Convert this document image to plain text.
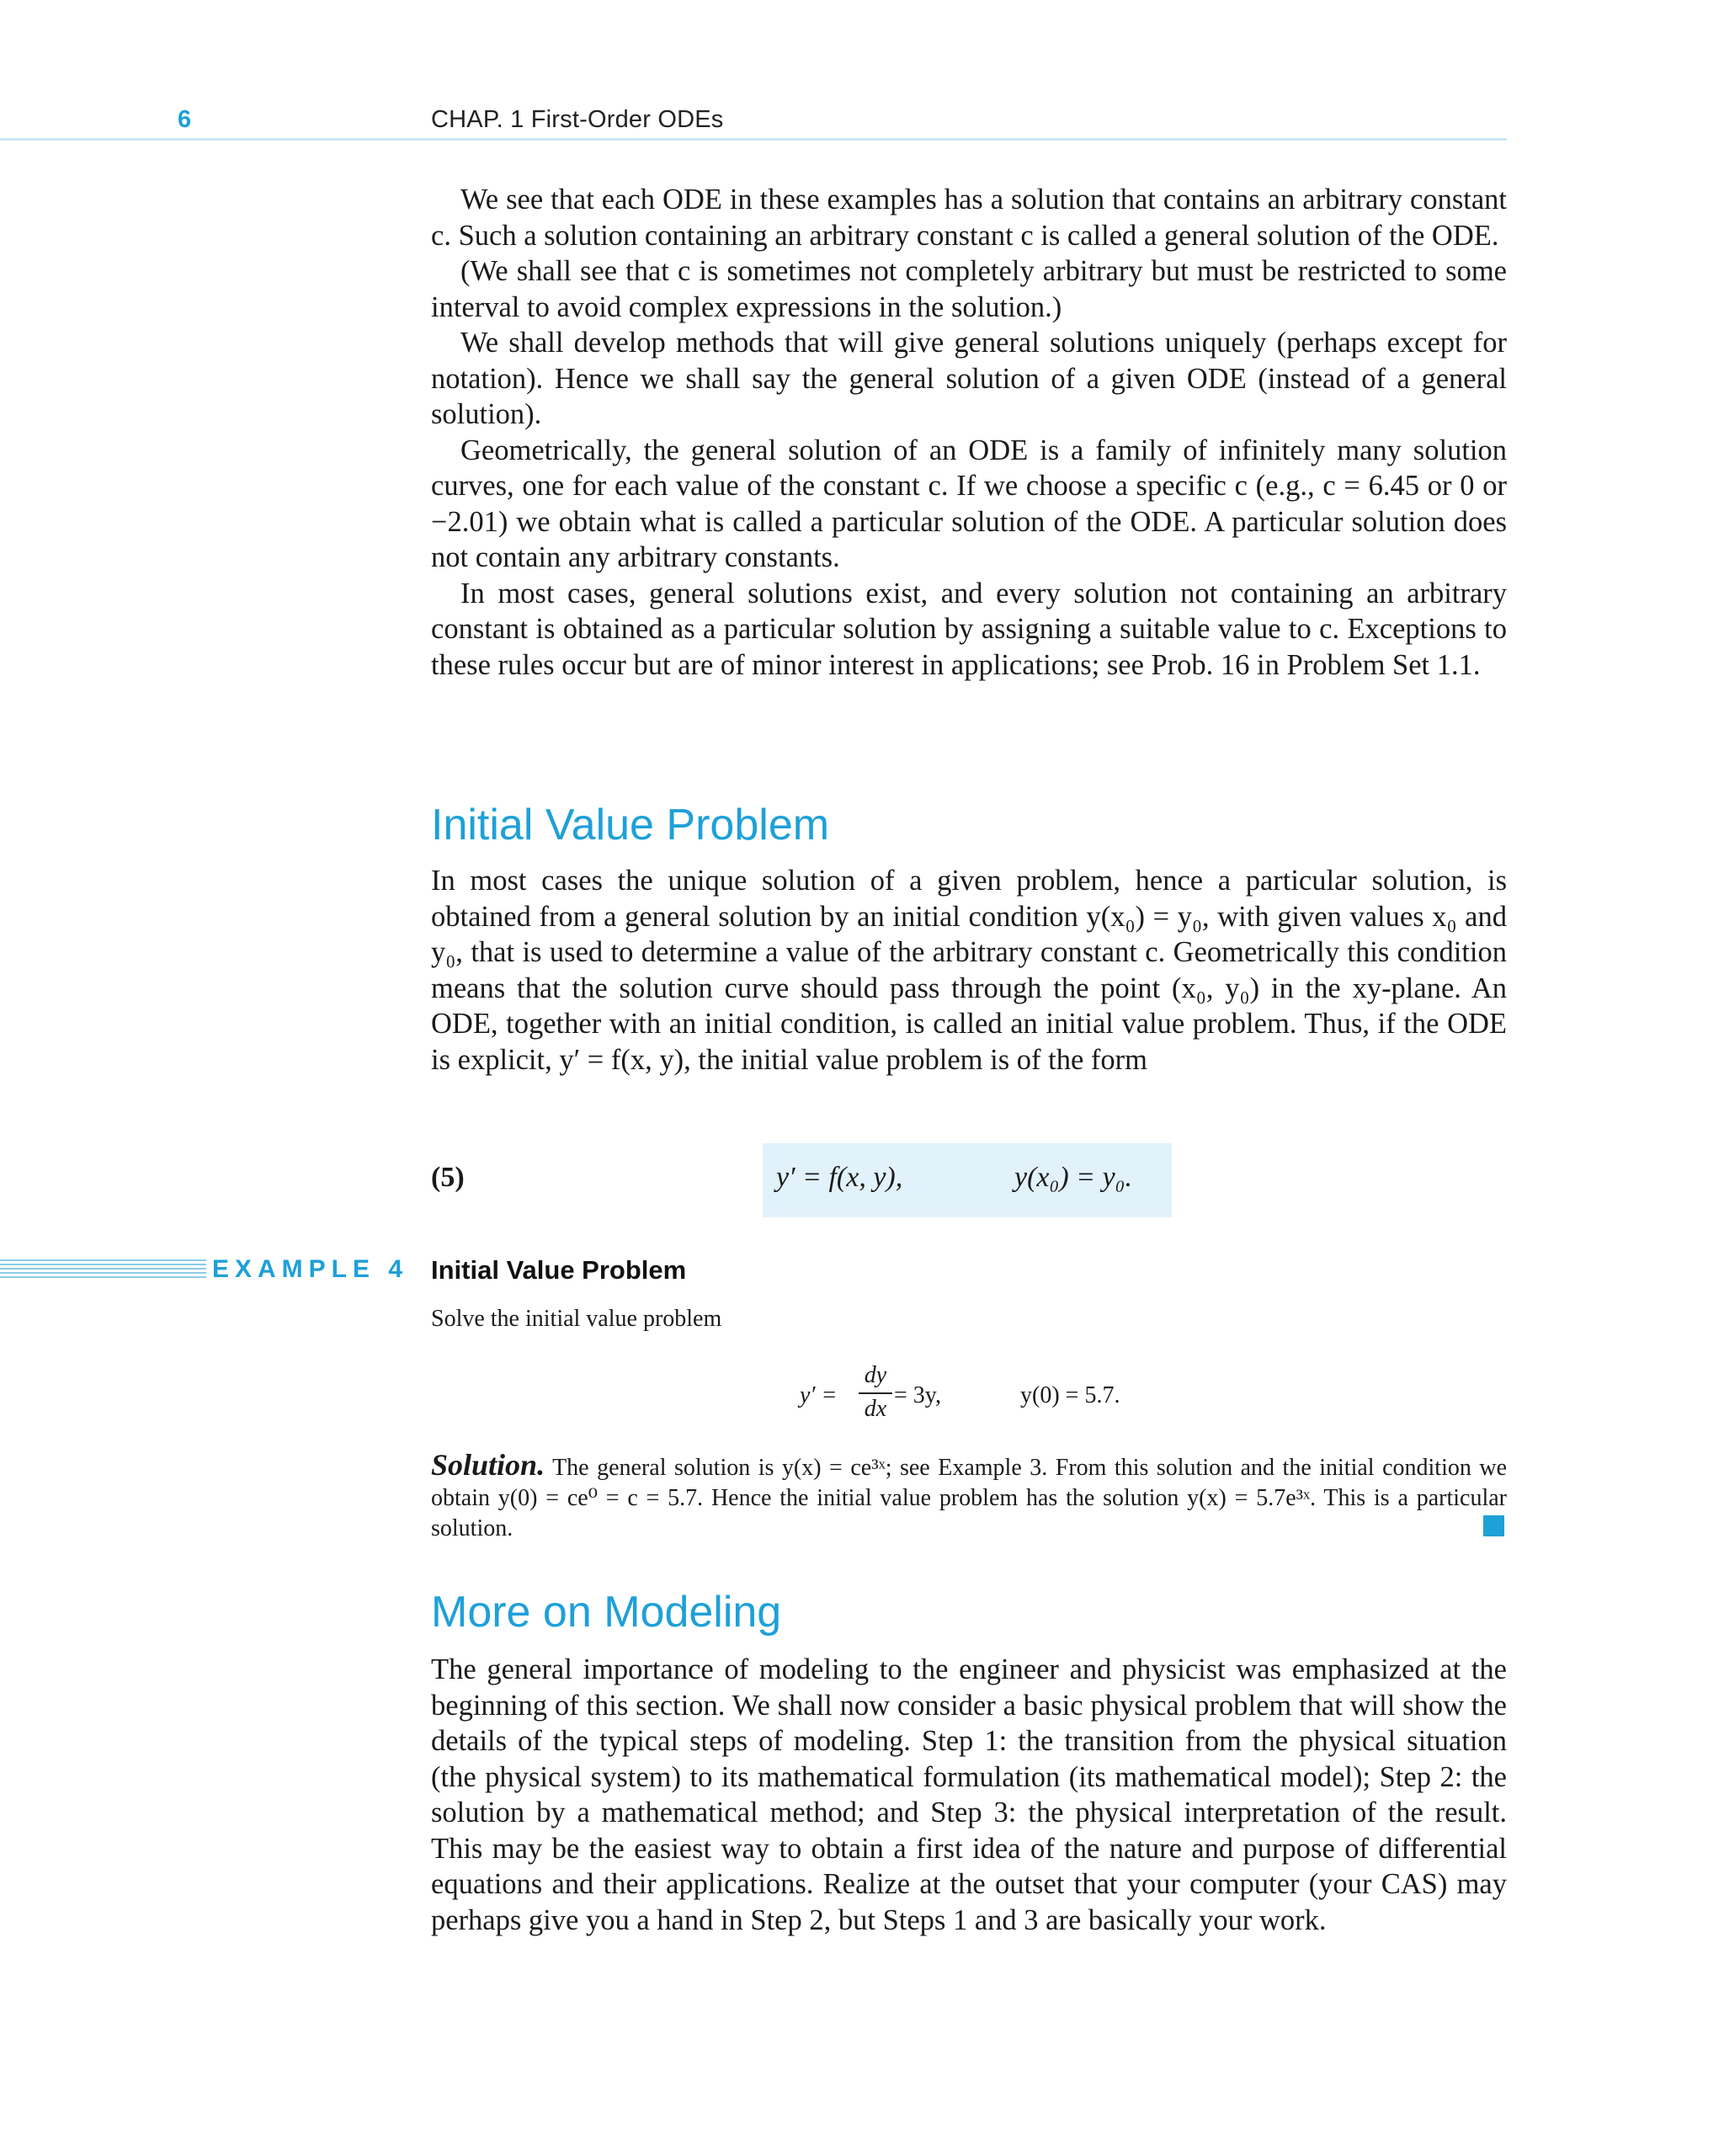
6	CHAP. 1 First-Order ODEs

We see that each ODE in these examples has a solution that contains an arbitrary constant c. Such a solution containing an arbitrary constant c is called a general solution of the ODE.

(We shall see that c is sometimes not completely arbitrary but must be restricted to some interval to avoid complex expressions in the solution.)

We shall develop methods that will give general solutions uniquely (perhaps except for notation). Hence we shall say the general solution of a given ODE (instead of a general solution).

Geometrically, the general solution of an ODE is a family of infinitely many solution curves, one for each value of the constant c. If we choose a specific c (e.g., c = 6.45 or 0 or −2.01) we obtain what is called a particular solution of the ODE. A particular solution does not contain any arbitrary constants.

In most cases, general solutions exist, and every solution not containing an arbitrary constant is obtained as a particular solution by assigning a suitable value to c. Exceptions to these rules occur but are of minor interest in applications; see Prob. 16 in Problem Set 1.1.

Initial Value Problem

In most cases the unique solution of a given problem, hence a particular solution, is obtained from a general solution by an initial condition y(x₀) = y₀, with given values x₀ and y₀, that is used to determine a value of the arbitrary constant c. Geometrically this condition means that the solution curve should pass through the point (x₀, y₀) in the xy-plane. An ODE, together with an initial condition, is called an initial value problem. Thus, if the ODE is explicit, y′ = f(x, y), the initial value problem is of the form

(5)	y′ = f(x, y),	y(x₀) = y₀.
EXAMPLE 4 Initial Value Problem
Solve the initial value problem
y′ =
dy
dx
= 3y,	y(0) = 5.7.
Solution. The general solution is y(x) = ce³ˣ; see Example 3. From this solution and the initial condition we obtain y(0) = ce⁰ = c = 5.7. Hence the initial value problem has the solution y(x) = 5.7e³ˣ. This is a particular solution.
More on Modeling

The general importance of modeling to the engineer and physicist was emphasized at the beginning of this section. We shall now consider a basic physical problem that will show the details of the typical steps of modeling. Step 1: the transition from the physical situation (the physical system) to its mathematical formulation (its mathematical model); Step 2: the solution by a mathematical method; and Step 3: the physical interpretation of the result. This may be the easiest way to obtain a first idea of the nature and purpose of differential equations and their applications. Realize at the outset that your computer (your CAS) may perhaps give you a hand in Step 2, but Steps 1 and 3 are basically your work.
